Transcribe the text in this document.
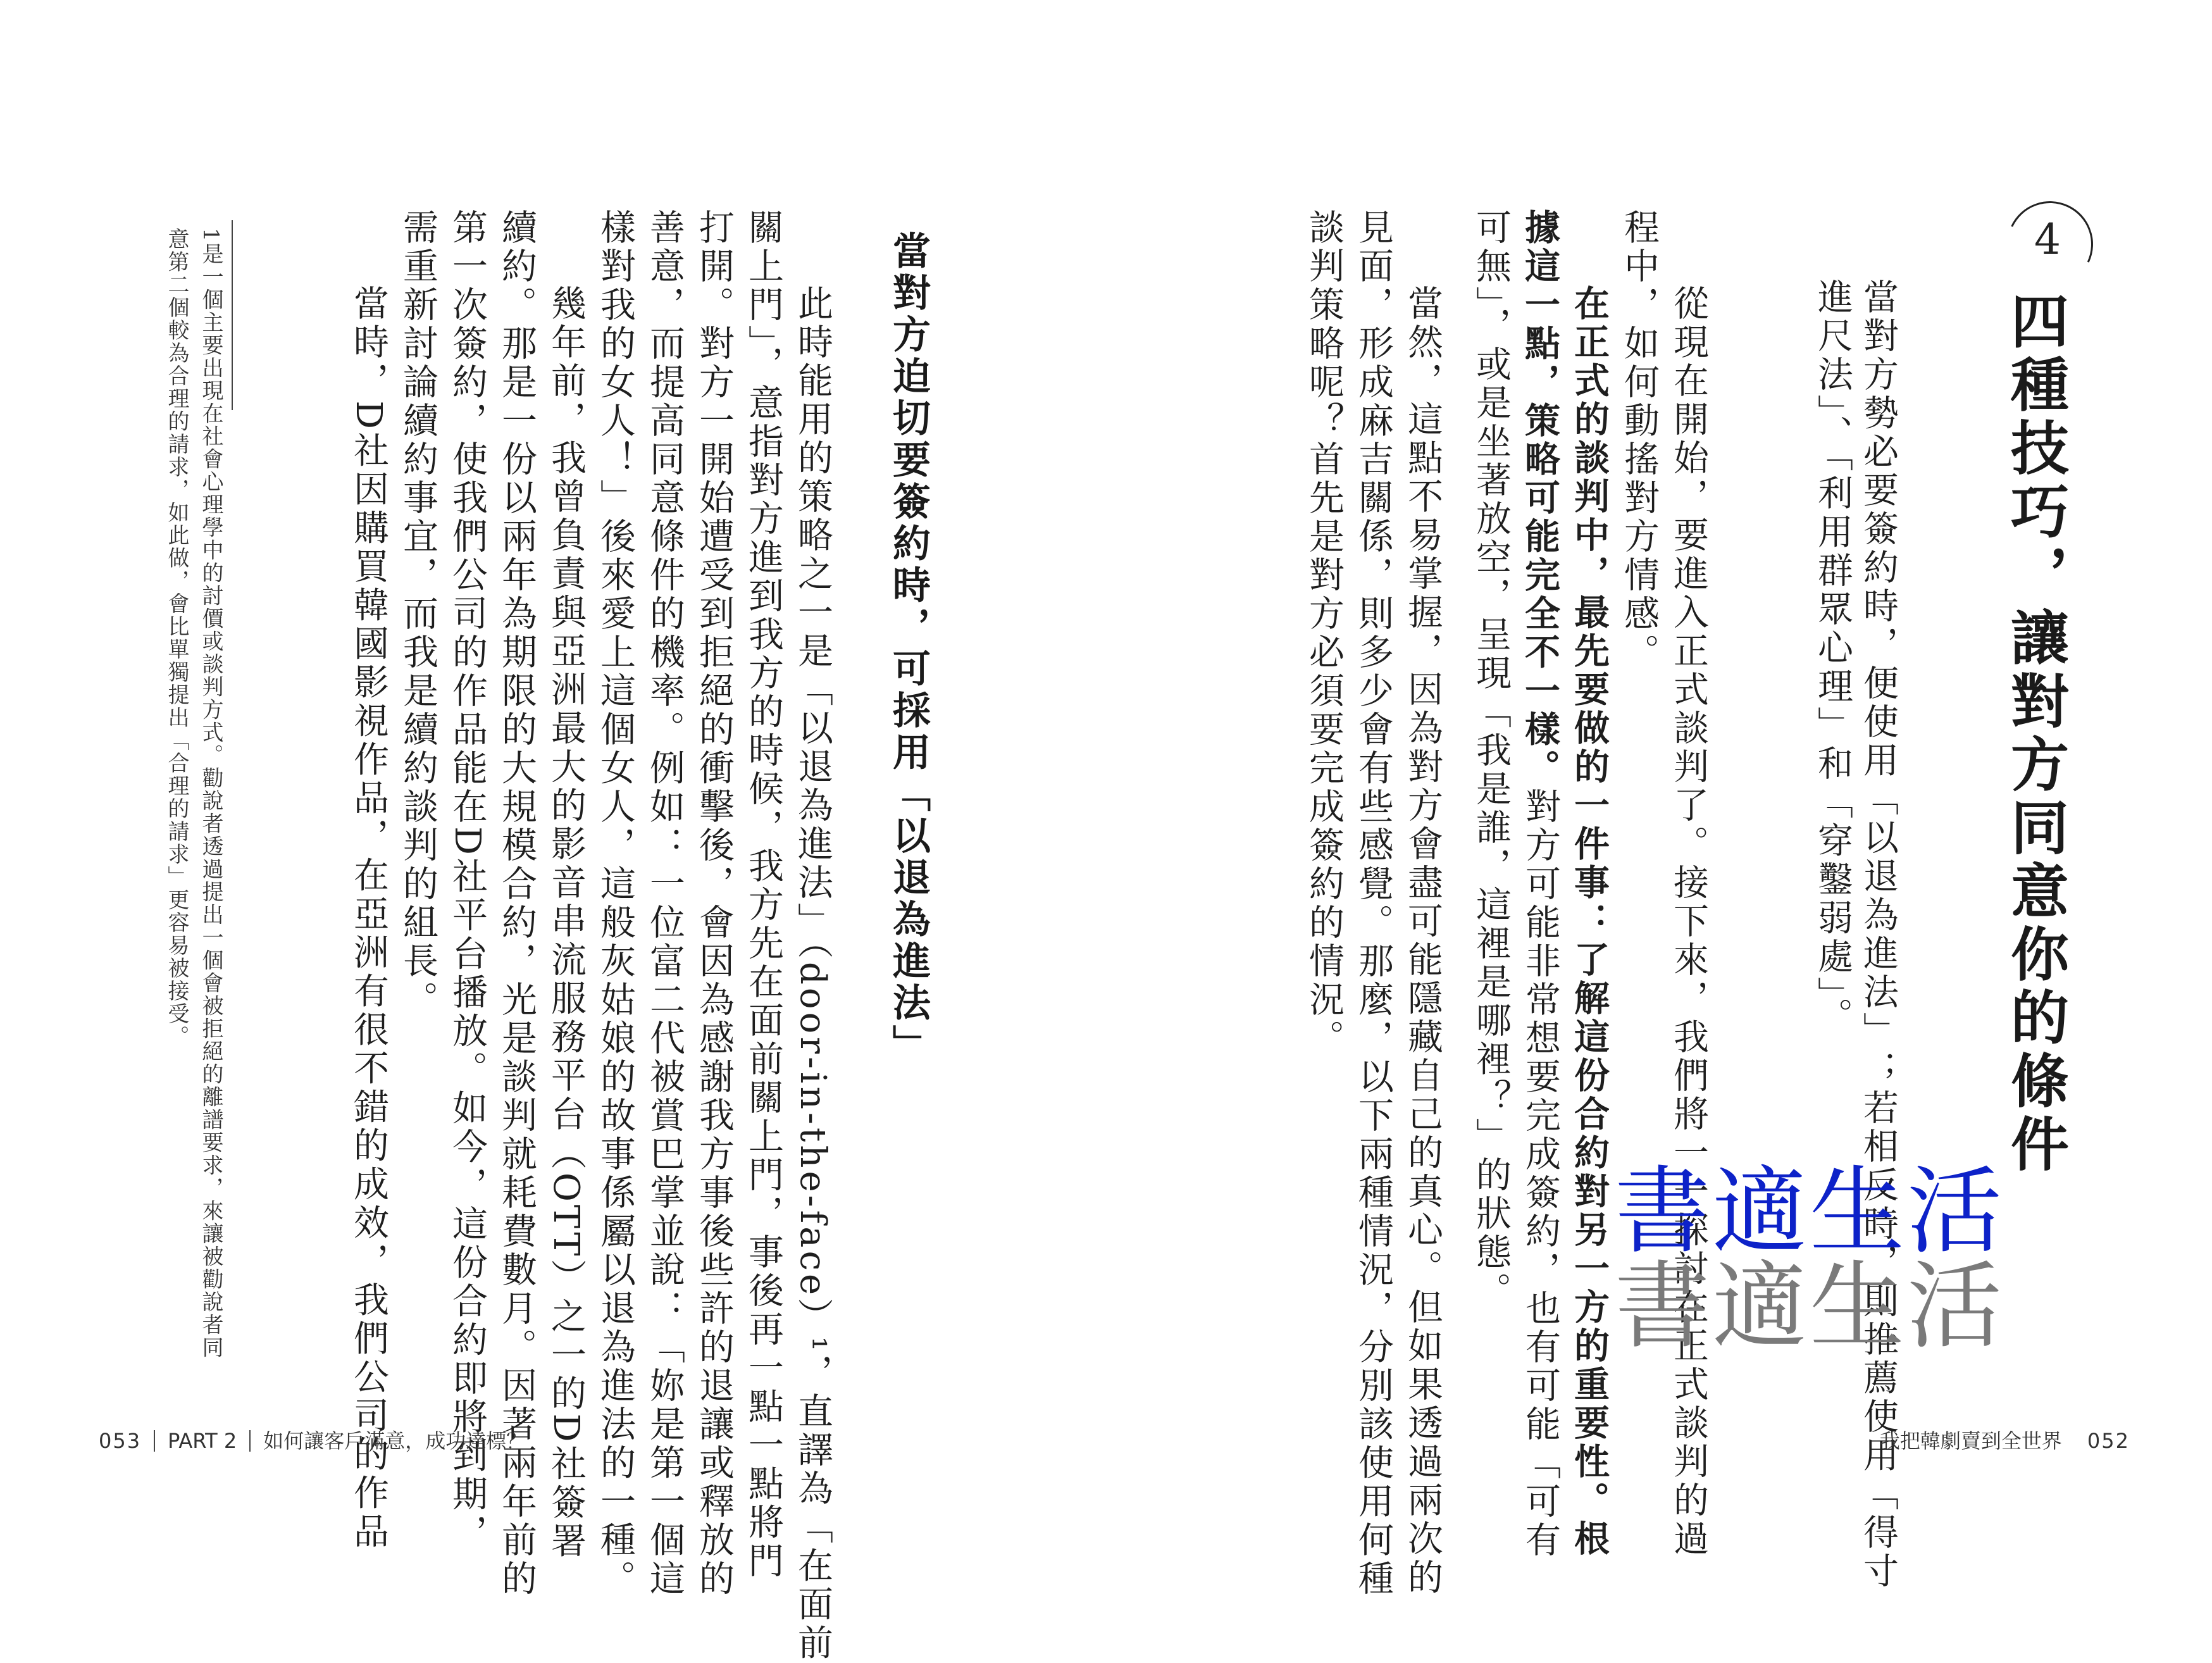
4
四種技巧，讓對方同意你的條件
當對方勢必要簽約時，便使用「以退為進法」；若相反時，則推薦使用「得寸
進尺法」、「利用群眾心理」和「穿鑿弱處」。
從現在開始，要進入正式談判了。接下來，我們將一一探討在正式談判的過
程中，如何動搖對方情感。
在正式的談判中，最先要做的一件事：了解這份合約對另一方的重要性。根
據這一點，策略可能完全不一樣。對方可能非常想要完成簽約，也有可能「可有
可無」，或是坐著放空，呈現「我是誰，這裡是哪裡？」的狀態。
當然，這點不易掌握，因為對方會盡可能隱藏自己的真心。但如果透過兩次的
見面，形成麻吉關係，則多少會有些感覺。那麼，以下兩種情況，分別該使用何種
談判策略呢？首先是對方必須要完成簽約的情況。
當對方迫切要簽約時，可採用「以退為進法」
此時能用的策略之一是「以退為進法」（door-in-the-face）¹，直譯為「在面前
關上門」，意指對方進到我方的時候，我方先在面前關上門，事後再一點一點將門
打開。對方一開始遭受到拒絕的衝擊後，會因為感謝我方事後些許的退讓或釋放的
善意，而提高同意條件的機率。例如：一位富二代被賞巴掌並說：「妳是第一個這
樣對我的女人！」後來愛上這個女人，這般灰姑娘的故事係屬以退為進法的一種。
幾年前，我曾負責與亞洲最大的影音串流服務平台（OTT）之一的D社簽署
續約。那是一份以兩年為期限的大規模合約，光是談判就耗費數月。因著兩年前的
第一次簽約，使我們公司的作品能在D社平台播放。如今，這份合約即將到期，
需重新討論續約事宜，而我是續約談判的組長。
當時，D社因購買韓國影視作品，在亞洲有很不錯的成效，我們公司的作品
1是一個主要出現在社會心理學中的討價或談判方式。勸說者透過提出一個會被拒絕的離譜要求，來讓被勸說者同
意第二個較為合理的請求，如此做，會比單獨提出「合理的請求」更容易被接受。
053 PART 2 如何讓客戶滿意，成功達標？	我把韓劇賣到全世界 052
書適生活
書適生活
